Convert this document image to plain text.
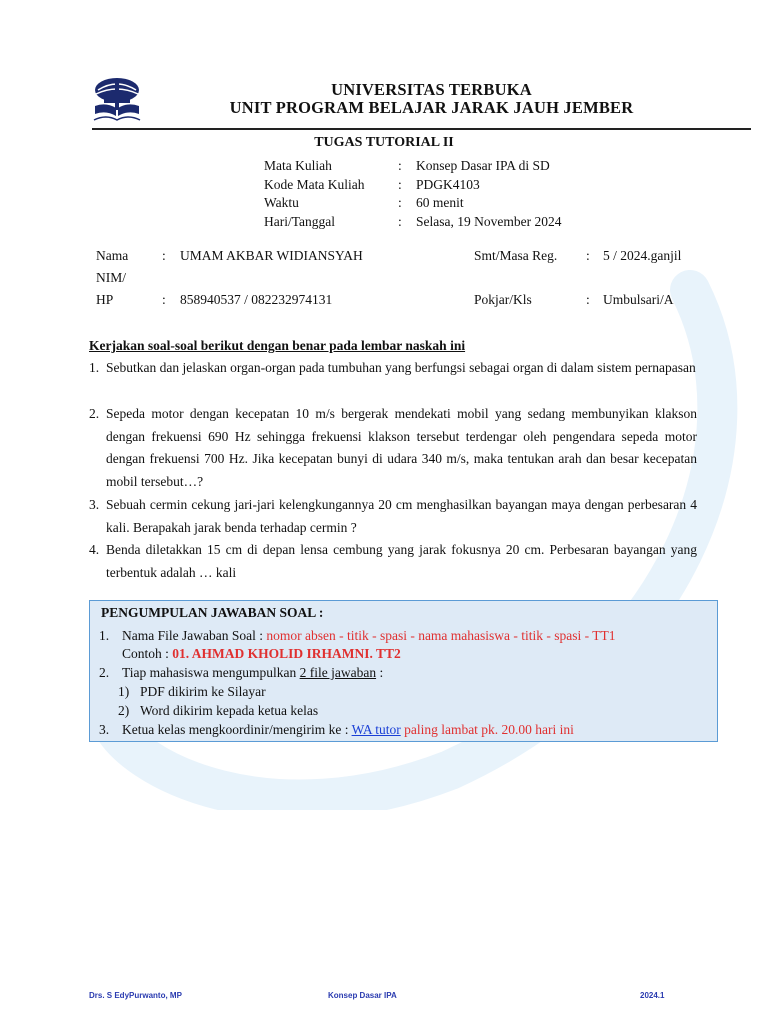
UNIVERSITAS TERBUKA
UNIT PROGRAM BELAJAR JARAK JAUH JEMBER
TUGAS TUTORIAL II
Mata Kuliah	: Konsep Dasar IPA di SD
Kode Mata Kuliah : PDGK4103
Waktu	: 60 menit
Hari/Tanggal	: Selasa, 19 November 2024
Nama	: UMAM AKBAR WIDIANSYAH	Smt/Masa Reg. : 5 / 2024.ganjil
NIM/
HP	: 858940537 / 082232974131	Pokjar/Kls	: Umbulsari/A
Kerjakan soal-soal berikut dengan benar pada lembar naskah ini
1. Sebutkan dan jelaskan organ-organ pada tumbuhan yang berfungsi sebagai organ di dalam sistem pernapasan
2. Sepeda motor dengan kecepatan 10 m/s bergerak mendekati mobil yang sedang membunyikan klakson dengan frekuensi 690 Hz sehingga frekuensi klakson tersebut terdengar oleh pengendara sepeda motor dengan frekuensi 700 Hz. Jika kecepatan bunyi di udara 340 m/s, maka tentukan arah dan besar kecepatan mobil tersebut…?
3. Sebuah cermin cekung jari-jari kelengkungannya 20 cm menghasilkan bayangan maya dengan perbesaran 4 kali. Berapakah jarak benda terhadap cermin ?
4. Benda diletakkan 15 cm di depan lensa cembung yang jarak fokusnya 20 cm. Perbesaran bayangan yang terbentuk adalah … kali
PENGUMPULAN JAWABAN SOAL :
1. Nama File Jawaban Soal : nomor absen - titik - spasi - nama mahasiswa - titik - spasi - TT1
Contoh : 01. AHMAD KHOLID IRHAMNI. TT2
2. Tiap mahasiswa mengumpulkan 2 file jawaban :
1) PDF dikirim ke Silayar
2) Word dikirim kepada ketua kelas
3. Ketua kelas mengkoordinir/mengirim ke : WA tutor paling lambat pk. 20.00 hari ini
Drs. S EdyPurwanto, MP	Konsep Dasar IPA	2024.1
